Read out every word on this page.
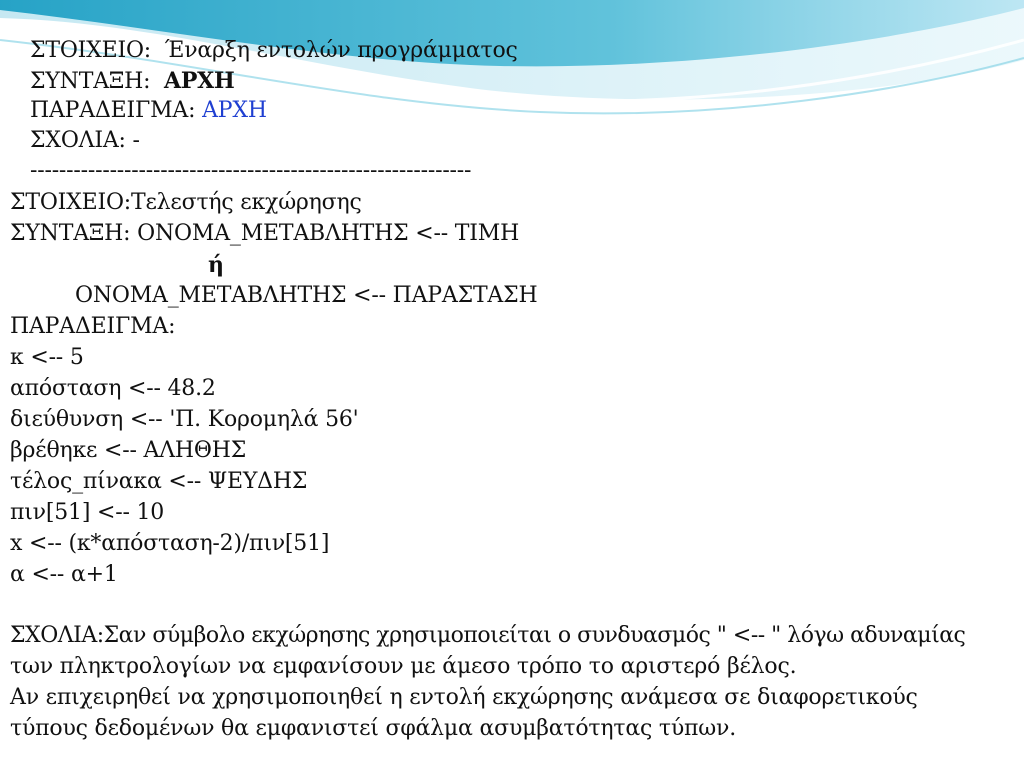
ΣΤΟΙΧΕΙΟ: Έναρξη εντολών προγράμματος
ΣΥΝΤΑΞΗ: ΑΡΧΗ
ΠΑΡΑΔΕΙΓΜΑ: ΑΡΧΗ
ΣΧΟΛΙΑ: -
-------------------------------------------------------------
ΣΤΟΙΧΕΙΟ:Τελεστής εκχώρησης
ΣΥΝΤΑΞΗ: ΟΝΟΜΑ_ΜΕΤΑΒΛΗΤΗΣ <-- ΤΙΜΗ
ή
ΟΝΟΜΑ_ΜΕΤΑΒΛΗΤΗΣ <-- ΠΑΡΑΣΤΑΣΗ
ΠΑΡΑΔΕΙΓΜΑ:
κ <-- 5
απόσταση <-- 48.2
διεύθυνση <-- 'Π. Κορομηλά 56'
βρέθηκε <-- ΑΛΗΘΗΣ
τέλος_πίνακα <-- ΨΕΥΔΗΣ
πιν[51] <-- 10
x <-- (κ*απόσταση-2)/πιν[51]
α <-- α+1
ΣΧΟΛΙΑ:Σαν σύμβολο εκχώρησης χρησιμοποιείται ο συνδυασμός " <-- " λόγω αδυναμίας
των πληκτρολογίων να εμφανίσουν με άμεσο τρόπο το αριστερό βέλος.
Αν επιχειρηθεί να χρησιμοποιηθεί η εντολή εκχώρησης ανάμεσα σε διαφορετικούς
τύπους δεδομένων θα εμφανιστεί σφάλμα ασυμβατότητας τύπων.
